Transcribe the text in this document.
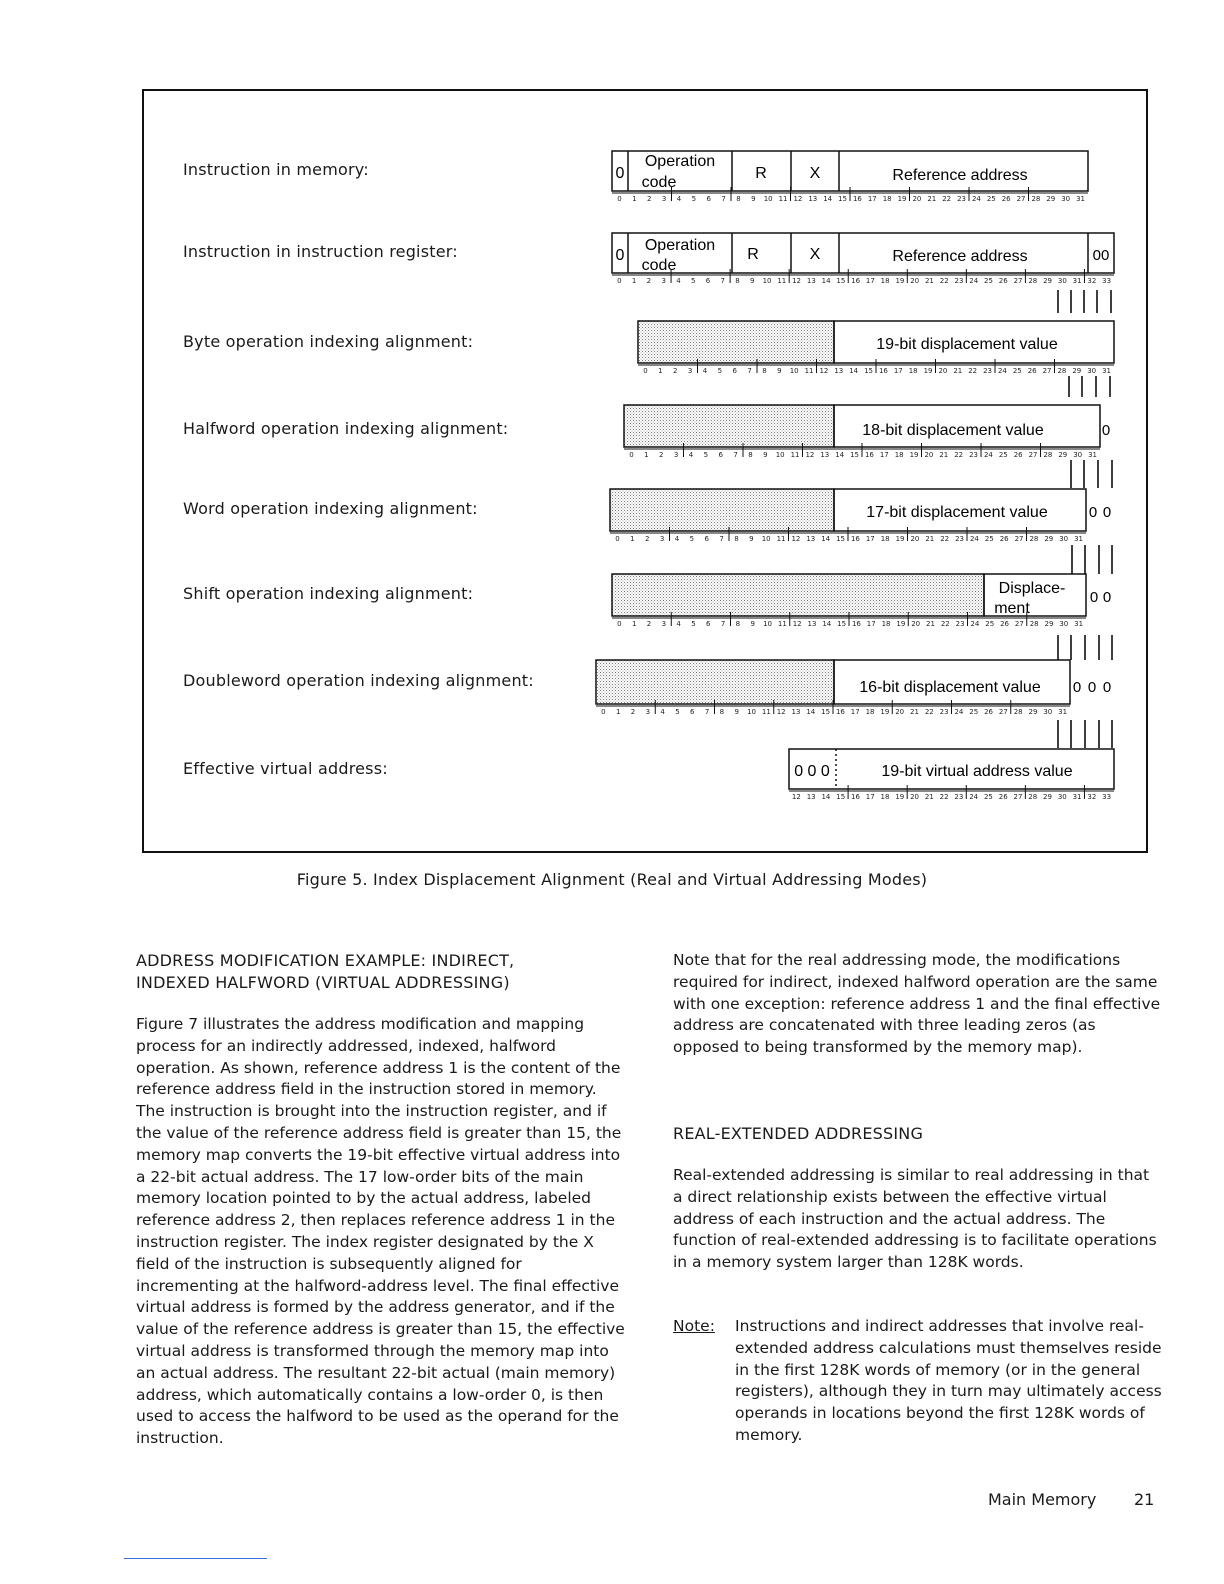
0
Operation
code
R	X	Reference address
0
Operation
code
R	X	Reference address	00
19-bit displacement value
18-bit displacement value	0
17-bit displacement value	0 0
Displace-
ment
0 0
16-bit displacement value 0 0 0
0 0 0	19-bit virtual address value
0 1 2 3 4 5 6 7 8 9 10 11 12 13 14 15 16 17 18 19 20 21 22 23 24 25 26 27 28 29 30 31
0 1 2 3 4 5 6 7 8 9 10 11 12 13 14 15 16 17 18 19 20 21 22 23 24 25 26 27 28 29 30 31 32 33
0 1 2 3 4 5 6 7 8 9 10 11 12 13 14 15 16 17 18 19 20 21 22 23 24 25 26 27 28 29 30 31
0 1 2 3 4 5 6 7 8 9 10 11 12 13 14 15 16 17 18 19 20 21 22 23 24 25 26 27 28 29 30 31
0 1 2 3 4 5 6 7 8 9 10 11 12 13 14 15 16 17 18 19 20 21 22 23 24 25 26 27 28 29 30 31
0 1 2 3 4 5 6 7 8 9 10 11 12 13 14 15 16 17 18 19 20 21 22 23 24 25 26 27 28 29 30 31
0 1 2 3 4 5 6 7 8 9 10 11 12 13 14 15 16 17 18 19 20 21 22 23 24 25 26 27 28 29 30 31
12 13 14 15 16 17 18 19 20 21 22 23 24 25 26 27 28 29 30 31 32 33
Instruction in memory:
Instruction in instruction register:
Byte operation indexing alignment:
Halfword operation indexing alignment:
Word operation indexing alignment:
Shift operation indexing alignment:
Doubleword operation indexing alignment:
Effective virtual address:
Figure 5. Index Displacement Alignment (Real and Virtual Addressing Modes)
ADDRESS MODIFICATION EXAMPLE: INDIRECT,
INDEXED HALFWORD (VIRTUAL ADDRESSING)
Figure 7 illustrates the address modification and mapping process for an indirectly addressed, indexed, halfword operation. As shown, reference address 1 is the content of the reference address field in the instruction stored in memory. The instruction is brought into the instruction register, and if the value of the reference address field is greater than 15, the memory map converts the 19-bit effective virtual address into a 22-bit actual address. The 17 low-order bits of the main memory location pointed to by the actual address, labeled reference address 2, then replaces reference address 1 in the instruction register. The index register designated by the X field of the instruction is subsequently aligned for incrementing at the halfword-address level. The final effective virtual address is formed by the address generator, and if the value of the reference address is greater than 15, the effective virtual address is transformed through the memory map into an actual address. The resultant 22-bit actual (main memory) address, which automatically contains a low-order 0, is then used to access the halfword to be used as the operand for the instruction.
Note that for the real addressing mode, the modifications required for indirect, indexed halfword operation are the same with one exception: reference address 1 and the final effective address are concatenated with three leading zeros (as opposed to being transformed by the memory map).
REAL-EXTENDED ADDRESSING
Real-extended addressing is similar to real addressing in that a direct relationship exists between the effective virtual address of each instruction and the actual address. The function of real-extended addressing is to facilitate operations in a memory system larger than 128K words.
Note:	Instructions and indirect addresses that involve real-extended address calculations must themselves reside in the first 128K words of memory (or in the general registers), although they in turn may ultimately access operands in locations beyond the first 128K words of memory.
Main Memory 21
